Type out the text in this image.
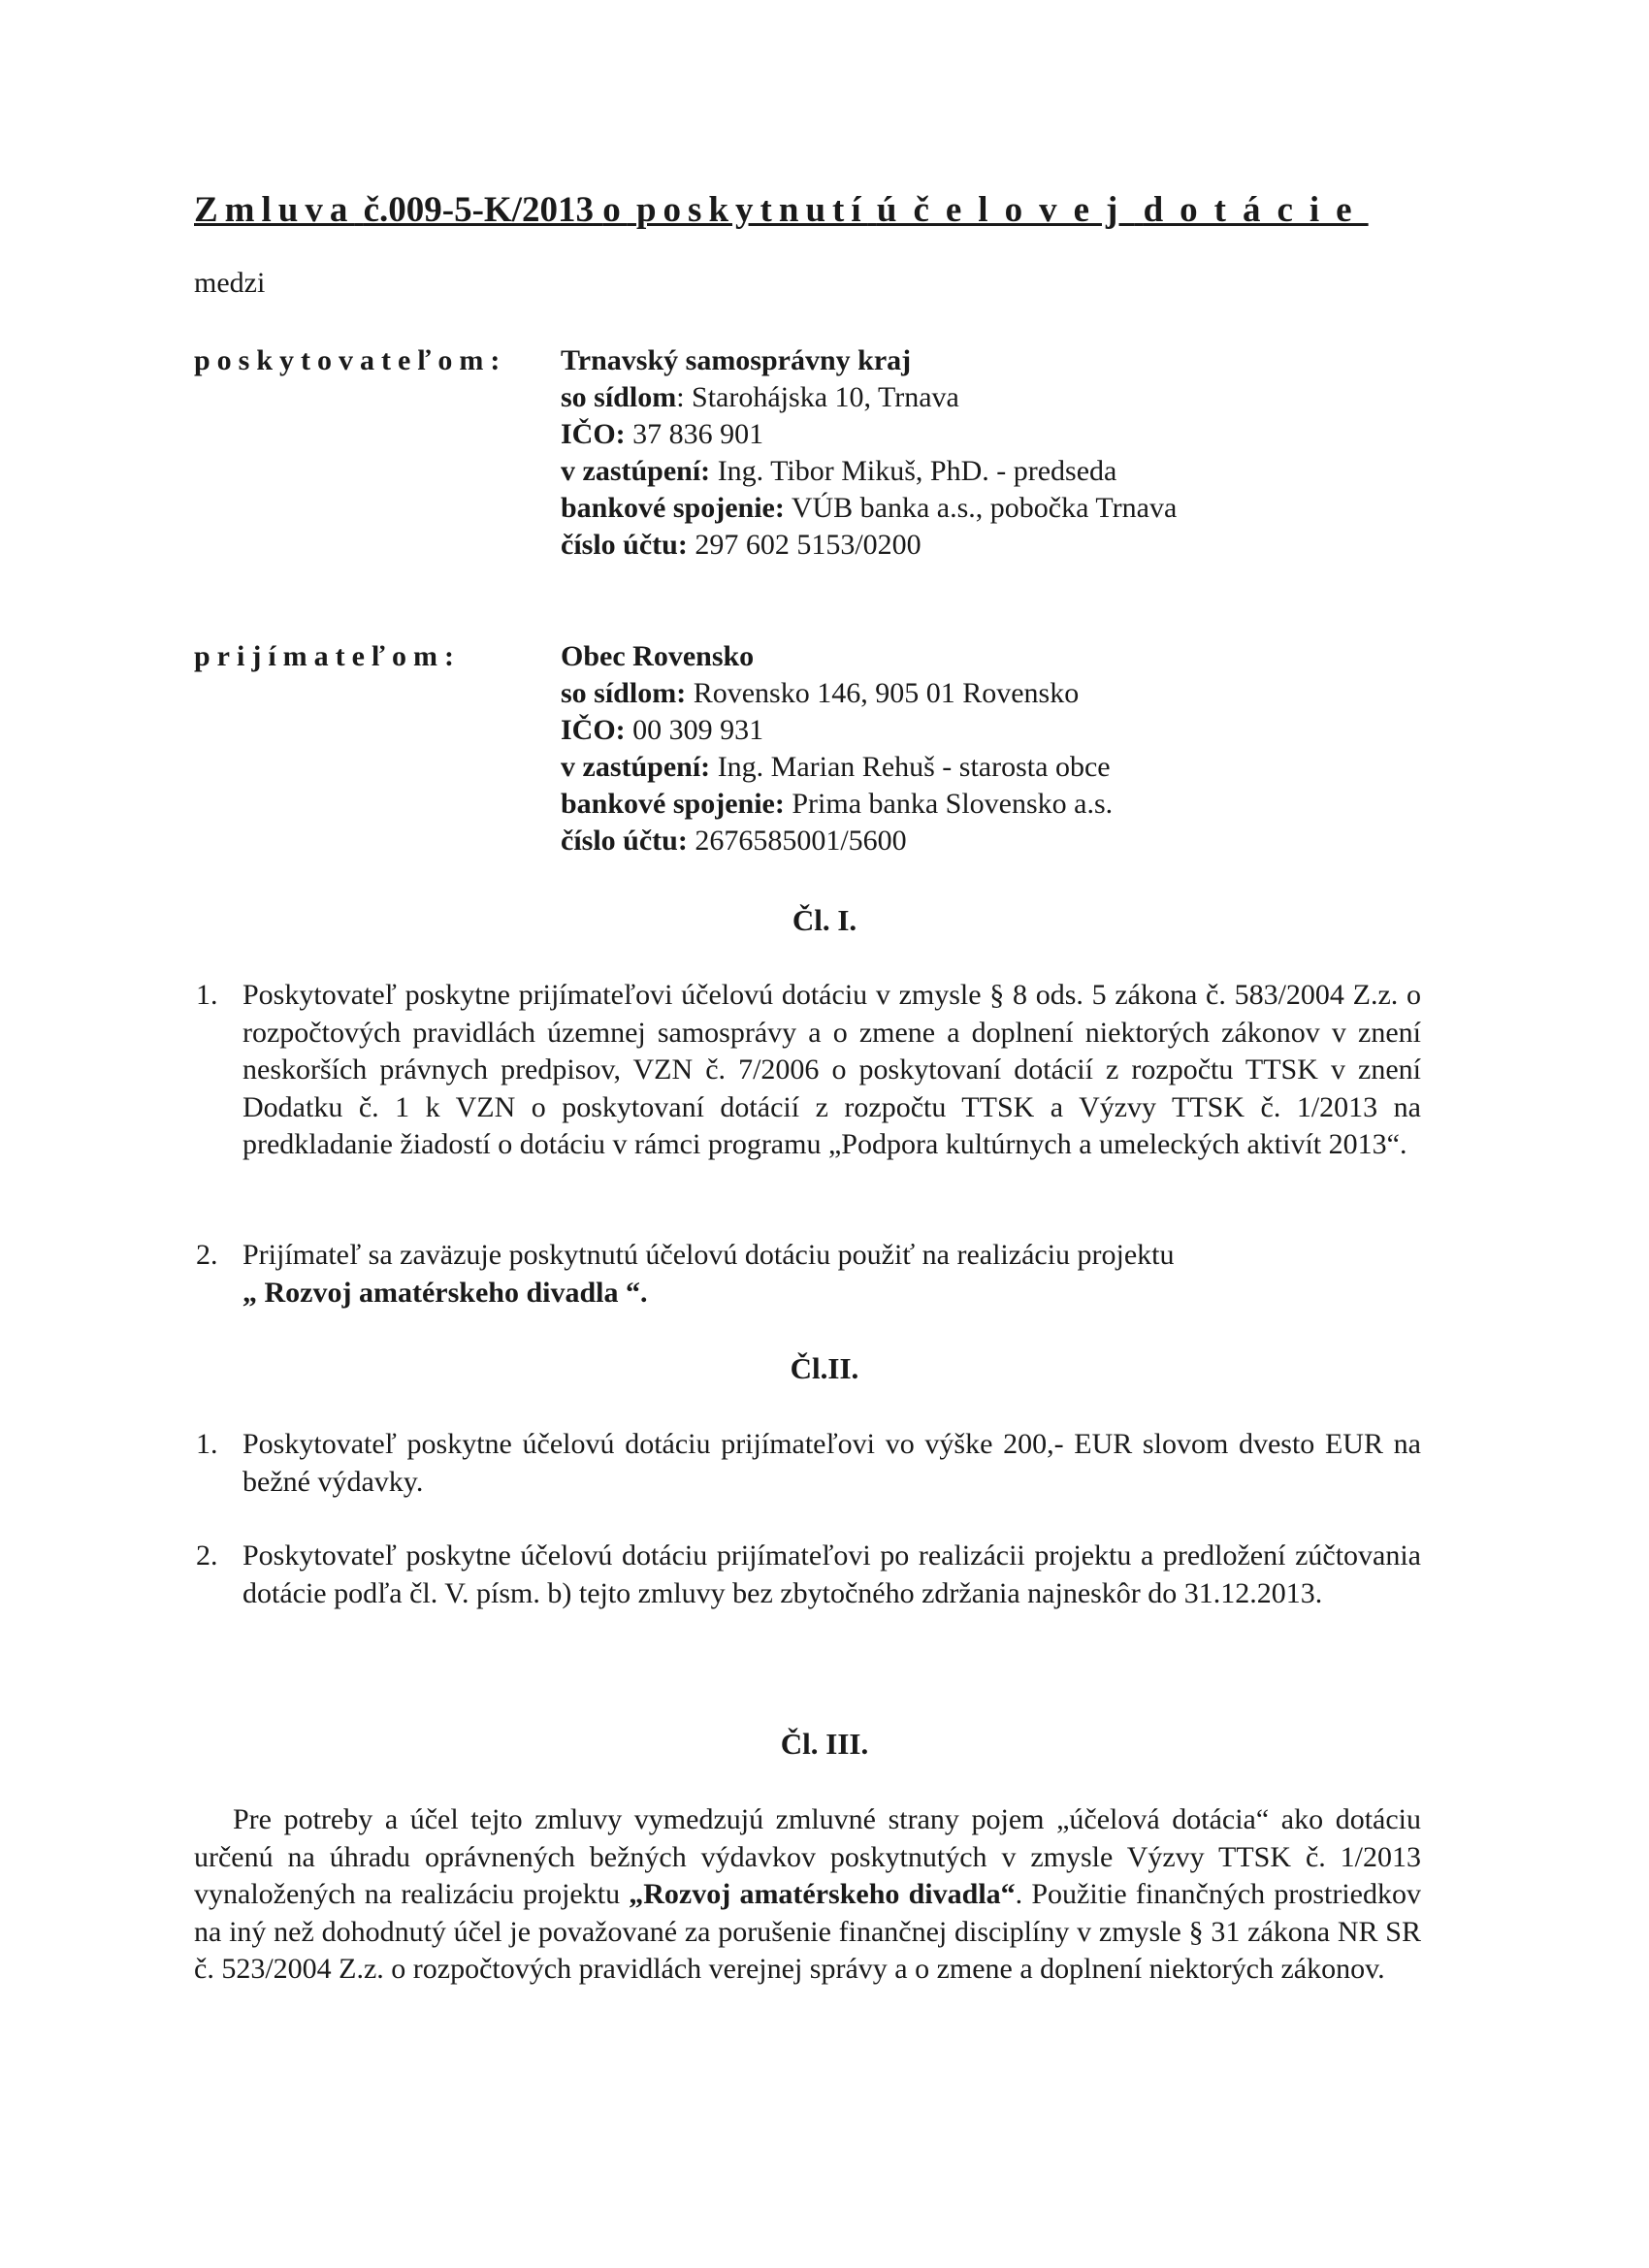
Zmluva č.009-5-K/2013 o poskytnutí účelovej dotácie
medzi
poskytovateľom: Trnavský samosprávny kraj
so sídlom: Starohájska 10, Trnava
IČO: 37 836 901
v zastúpení: Ing. Tibor Mikuš, PhD. - predseda
bankové spojenie: VÚB banka a.s., pobočka Trnava
číslo účtu: 297 602 5153/0200
prijímateľom:	Obec Rovensko
so sídlom: Rovensko 146, 905 01 Rovensko
IČO: 00 309 931
v zastúpení: Ing. Marian Rehuš - starosta obce
bankové spojenie: Prima banka Slovensko a.s.
číslo účtu: 2676585001/5600
Čl. I.
1. Poskytovateľ poskytne prijímateľovi účelovú dotáciu v zmysle § 8 ods. 5 zákona č. 583/2004 Z.z. o rozpočtových pravidlách územnej samosprávy a o zmene a doplnení niektorých zákonov v znení neskorších právnych predpisov, VZN č. 7/2006 o poskytovaní dotácií z rozpočtu TTSK v znení Dodatku č. 1 k VZN o poskytovaní dotácií z rozpočtu TTSK a Výzvy TTSK č. 1/2013 na predkladanie žiadostí o dotáciu v rámci programu „Podpora kultúrnych a umeleckých aktivít 2013“.
2. Prijímateľ sa zaväzuje poskytnutú účelovú dotáciu použiť na realizáciu projektu
„ Rozvoj amatérskeho divadla “.
Čl.II.
1. Poskytovateľ poskytne účelovú dotáciu prijímateľovi vo výške 200,- EUR slovom dvesto EUR na bežné výdavky.
2. Poskytovateľ poskytne účelovú dotáciu prijímateľovi po realizácii projektu a predložení zúčtovania dotácie podľa čl. V. písm. b) tejto zmluvy bez zbytočného zdržania najneskôr do 31.12.2013.
Čl. III.
Pre potreby a účel tejto zmluvy vymedzujú zmluvné strany pojem „účelová dotácia“ ako dotáciu určenú na úhradu oprávnených bežných výdavkov poskytnutých v zmysle Výzvy TTSK č. 1/2013 vynaložených na realizáciu projektu „Rozvoj amatérskeho divadla“. Použitie finančných prostriedkov na iný než dohodnutý účel je považované za porušenie finančnej disciplíny v zmysle § 31 zákona NR SR č. 523/2004 Z.z. o rozpočtových pravidlách verejnej správy a o zmene a doplnení niektorých zákonov.
